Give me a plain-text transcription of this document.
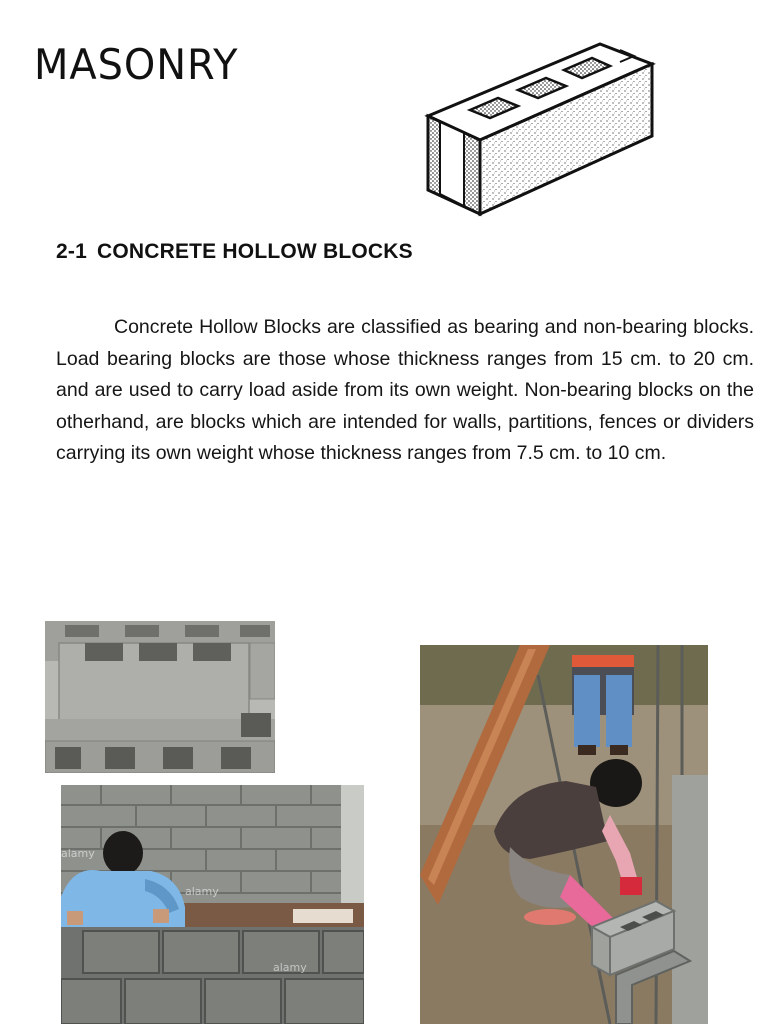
MASONRY
2-1 CONCRETE HOLLOW BLOCKS

Concrete Hollow Blocks are classified as bearing and non-bearing blocks. Load bearing blocks are those whose thickness ranges from 15 cm. to 20 cm. and are used to carry load aside from its own weight. Non-bearing blocks on the otherhand, are blocks which are intended for walls, partitions, fences or dividers carrying its own weight whose thickness ranges from 7.5 cm. to 10 cm.

alamy
alamy
alamy
